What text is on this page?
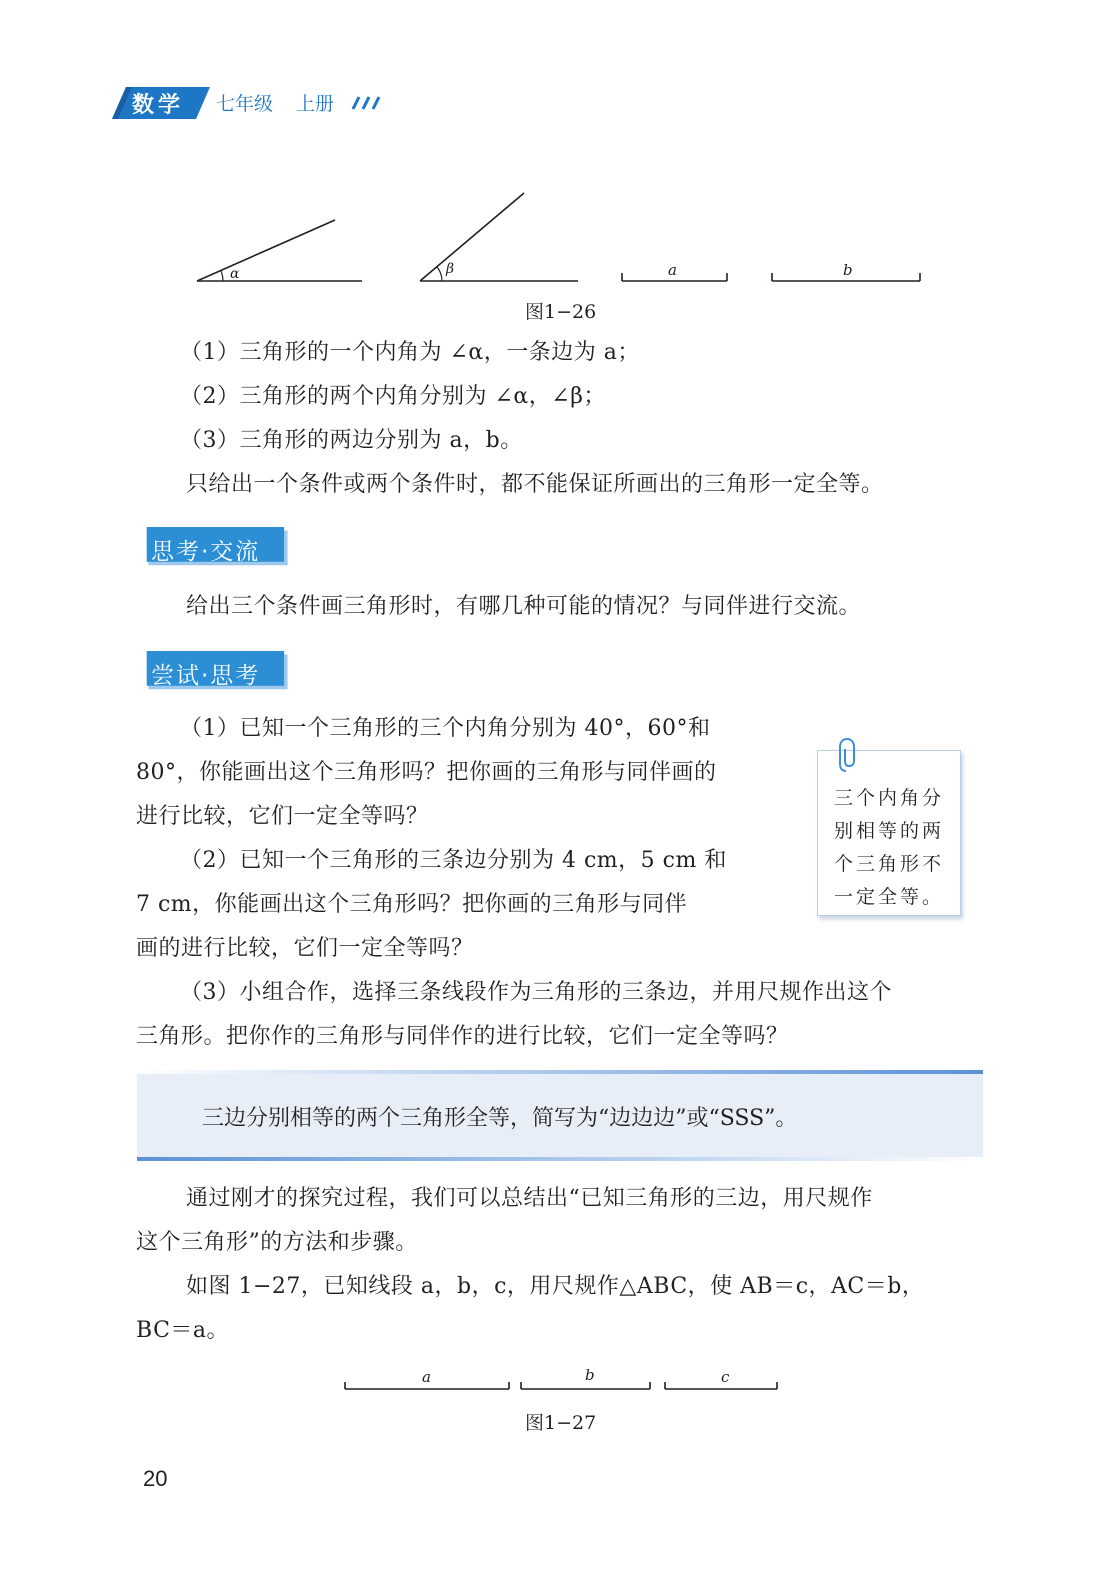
数学 七年级 上册
α	β	a	b
图1−26
（1）三角形的一个内角为 ∠α，一条边为 a；
（2）三角形的两个内角分别为 ∠α，∠β；
（3）三角形的两边分别为 a，b。
只给出一个条件或两个条件时，都不能保证所画出的三角形一定全等。
思考·交流
给出三个条件画三角形时，有哪几种可能的情况？与同伴进行交流。
尝试·思考
（1）已知一个三角形的三个内角分别为 40°，60°和
80°，你能画出这个三角形吗？把你画的三角形与同伴画的
进行比较，它们一定全等吗？
（2）已知一个三角形的三条边分别为 4 cm，5 cm 和
7 cm，你能画出这个三角形吗？把你画的三角形与同伴
画的进行比较，它们一定全等吗？
（3）小组合作，选择三条线段作为三角形的三条边，并用尺规作出这个
三角形。把你作的三角形与同伴作的进行比较，它们一定全等吗？
三个内角分
别相等的两
个三角形不
一定全等。
三边分别相等的两个三角形全等，简写为“边边边”或“SSS”。
通过刚才的探究过程，我们可以总结出“已知三角形的三边，用尺规作
这个三角形”的方法和步骤。
如图 1−27，已知线段 a，b，c，用尺规作△ABC，使 AB＝c，AC＝b，
BC＝a。
a	b	c
图1−27
20
